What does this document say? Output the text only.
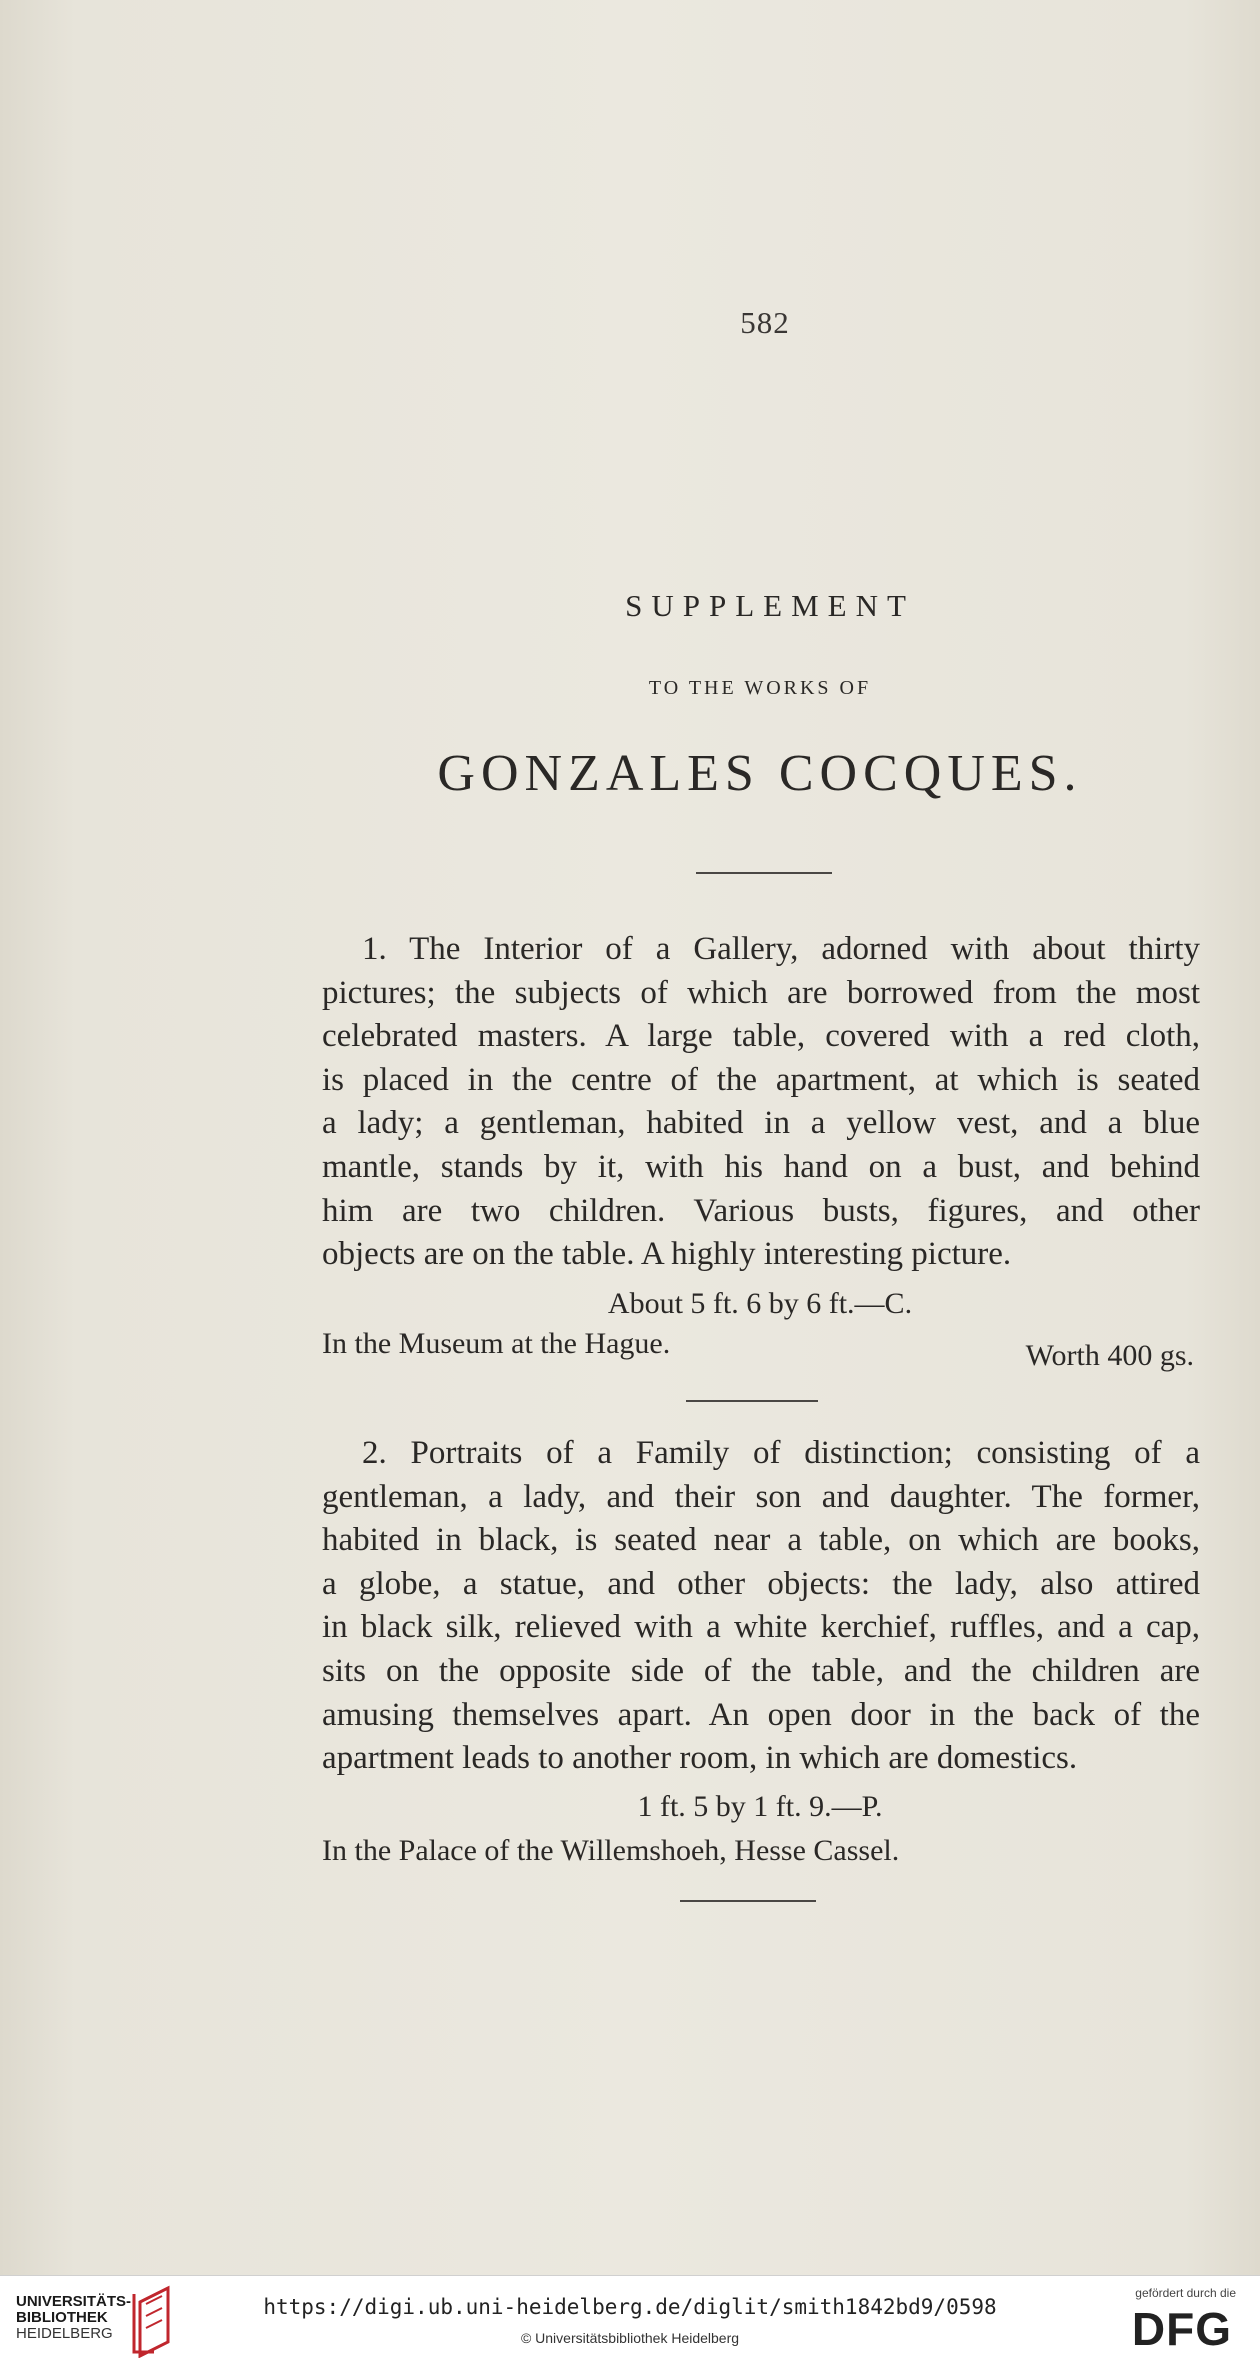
582
SUPPLEMENT
TO THE WORKS OF
GONZALES COCQUES.
1. The Interior of a Gallery, adorned with about thirty
pictures; the subjects of which are borrowed from the most
celebrated masters. A large table, covered with a red cloth,
is placed in the centre of the apartment, at which is seated
a lady; a gentleman, habited in a yellow vest, and a blue
mantle, stands by it, with his hand on a bust, and behind
him are two children. Various busts, figures, and other
objects are on the table. A highly interesting picture.
About 5 ft. 6 by 6 ft.—C.
In the Museum at the Hague.	Worth 400 gs.
2. Portraits of a Family of distinction; consisting of a
gentleman, a lady, and their son and daughter. The former,
habited in black, is seated near a table, on which are books,
a globe, a statue, and other objects: the lady, also attired
in black silk, relieved with a white kerchief, ruffles, and a cap,
sits on the opposite side of the table, and the children are
amusing themselves apart. An open door in the back of the
apartment leads to another room, in which are domestics.
1 ft. 5 by 1 ft. 9.—P.
In the Palace of the Willemshoeh, Hesse Cassel.
UNIVERSITÄTS-
BIBLIOTHEK
HEIDELBERG
https://digi.ub.uni-heidelberg.de/diglit/smith1842bd9/0598
© Universitätsbibliothek Heidelberg
gefördert durch die
DFG
